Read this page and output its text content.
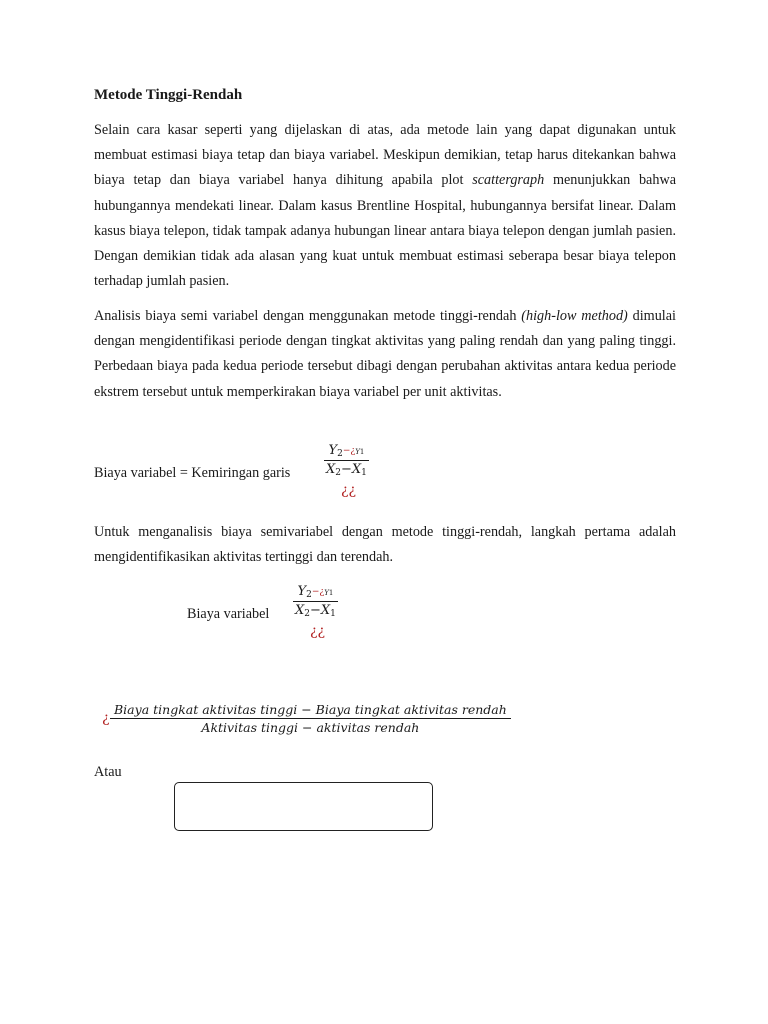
Metode Tinggi-Rendah

Selain cara kasar seperti yang dijelaskan di atas, ada metode lain yang dapat digunakan untuk membuat estimasi biaya tetap dan biaya variabel. Meskipun demikian, tetap harus ditekankan bahwa biaya tetap dan biaya variabel hanya dihitung apabila plot scattergraph menunjukkan bahwa hubungannya mendekati linear. Dalam kasus Brentline Hospital, hubungannya bersifat linear. Dalam kasus biaya telepon, tidak tampak adanya hubungan linear antara biaya telepon dengan jumlah pasien. Dengan demikian tidak ada alasan yang kuat untuk membuat estimasi seberapa besar biaya telepon terhadap jumlah pasien.

Analisis biaya semi variabel dengan menggunakan metode tinggi-rendah (high-low method) dimulai dengan mengidentifikasi periode dengan tingkat aktivitas yang paling rendah dan yang paling tinggi. Perbedaan biaya pada kedua periode tersebut dibagi dengan perubahan aktivitas antara kedua periode ekstrem tersebut untuk memperkirakan biaya variabel per unit aktivitas.

Biaya variabel = Kemiringan garis	$\frac{Y_2-¿Y1}{X_2-X_1}$
¿¿

Untuk menganalisis biaya semivariabel dengan metode tinggi-rendah, langkah pertama adalah mengidentifikasikan aktivitas tertinggi dan terendah.

Biaya variabel $\frac{Y_2-¿Y1}{X_2-X_1}$
¿¿
¿
Biaya tingkat aktivitas tinggi − Biaya tingkat aktivitas rendah
Aktivitas tinggi − aktivitas rendah

Atau
